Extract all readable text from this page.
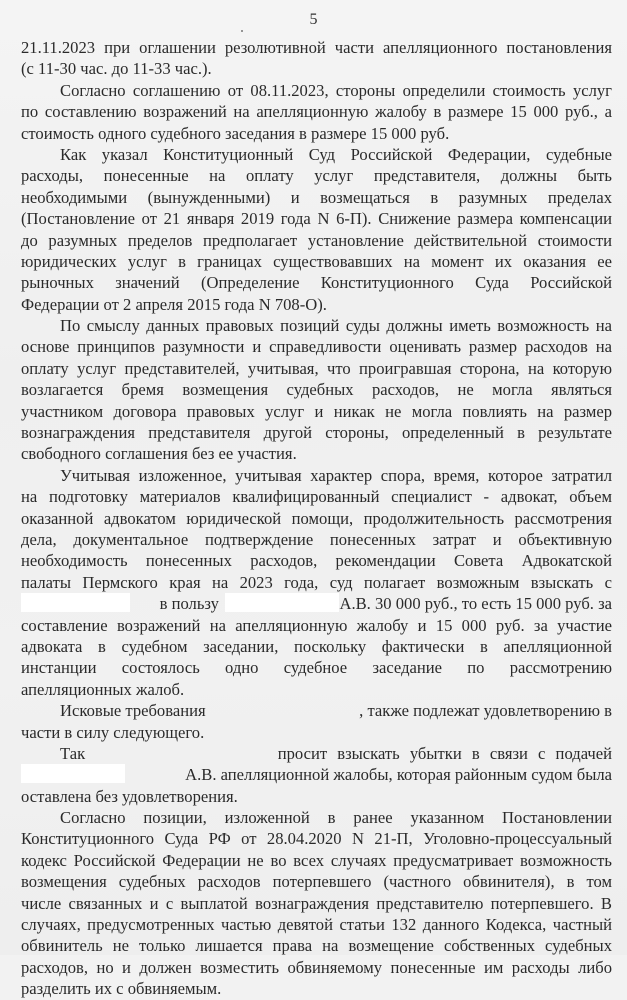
5
21.11.2023 при оглашении резолютивной части апелляционного постановления
(с 11-30 час. до 11-33 час.).
Согласно соглашению от 08.11.2023, стороны определили стоимость услуг
по составлению возражений на апелляционную жалобу в размере 15 000 руб., а
стоимость одного судебного заседания в размере 15 000 руб.
Как указал Конституционный Суд Российской Федерации, судебные
расходы, понесенные на оплату услуг представителя, должны быть
необходимыми (вынужденными) и возмещаться в разумных пределах
(Постановление от 21 января 2019 года N 6-П). Снижение размера компенсации
до разумных пределов предполагает установление действительной стоимости
юридических услуг в границах существовавших на момент их оказания ее
рыночных значений (Определение Конституционного Суда Российской
Федерации от 2 апреля 2015 года N 708-О).
По смыслу данных правовых позиций суды должны иметь возможность на
основе принципов разумности и справедливости оценивать размер расходов на
оплату услуг представителей, учитывая, что проигравшая сторона, на которую
возлагается бремя возмещения судебных расходов, не могла являться
участником договора правовых услуг и никак не могла повлиять на размер
вознаграждения представителя другой стороны, определенный в результате
свободного соглашения без ее участия.
Учитывая изложенное, учитывая характер спора, время, которое затратил
на подготовку материалов квалифицированный специалист - адвокат, объем
оказанной адвокатом юридической помощи, продолжительность рассмотрения
дела, документальное подтверждение понесенных затрат и объективную
необходимость понесенных расходов, рекомендации Совета Адвокатской
палаты Пермского края на 2023 года, суд полагает возможным взыскать с
в пользу	А.В. 30 000 руб., то есть 15 000 руб. за
составление возражений на апелляционную жалобу и 15 000 руб. за участие
адвоката в судебном заседании, поскольку фактически в апелляционной
инстанции состоялось одно судебное заседание по рассмотрению
апелляционных жалоб.
Исковые требования	, также подлежат удовлетворению в
части в силу следующего.
Так	просит взыскать убытки в связи с подачей
А.В. апелляционной жалобы, которая районным судом была
оставлена без удовлетворения.
Согласно позиции, изложенной в ранее указанном Постановлении
Конституционного Суда РФ от 28.04.2020 N 21-П, Уголовно-процессуальный
кодекс Российской Федерации не во всех случаях предусматривает возможность
возмещения судебных расходов потерпевшего (частного обвинителя), в том
числе связанных и с выплатой вознаграждения представителю потерпевшего. В
случаях, предусмотренных частью девятой статьи 132 данного Кодекса, частный
обвинитель не только лишается права на возмещение собственных судебных
расходов, но и должен возместить обвиняемому понесенные им расходы либо
разделить их с обвиняемым.
